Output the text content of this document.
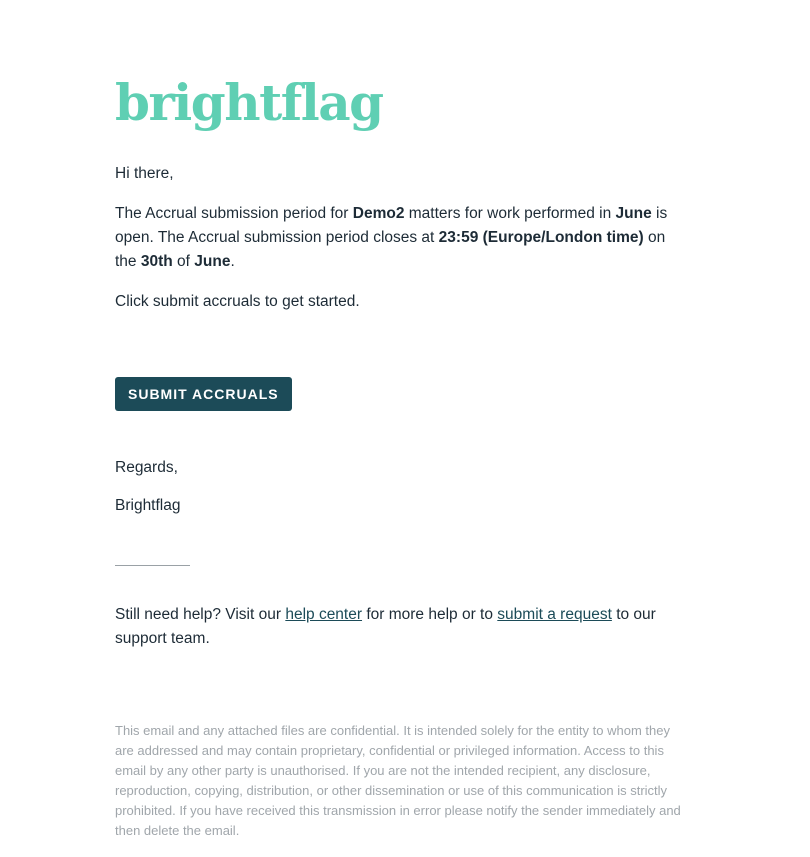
brightflag

Hi there,

The Accrual submission period for Demo2 matters for work performed in June is open. The Accrual submission period closes at 23:59 (Europe/London time) on the 30th of June.

Click submit accruals to get started.

SUBMIT ACCRUALS

Regards,

Brightflag

Still need help? Visit our help center for more help or to submit a request to our support team.

This email and any attached files are confidential. It is intended solely for the entity to whom they are addressed and may contain proprietary, confidential or privileged information. Access to this email by any other party is unauthorised. If you are not the intended recipient, any disclosure, reproduction, copying, distribution, or other dissemination or use of this communication is strictly prohibited. If you have received this transmission in error please notify the sender immediately and then delete the email.
